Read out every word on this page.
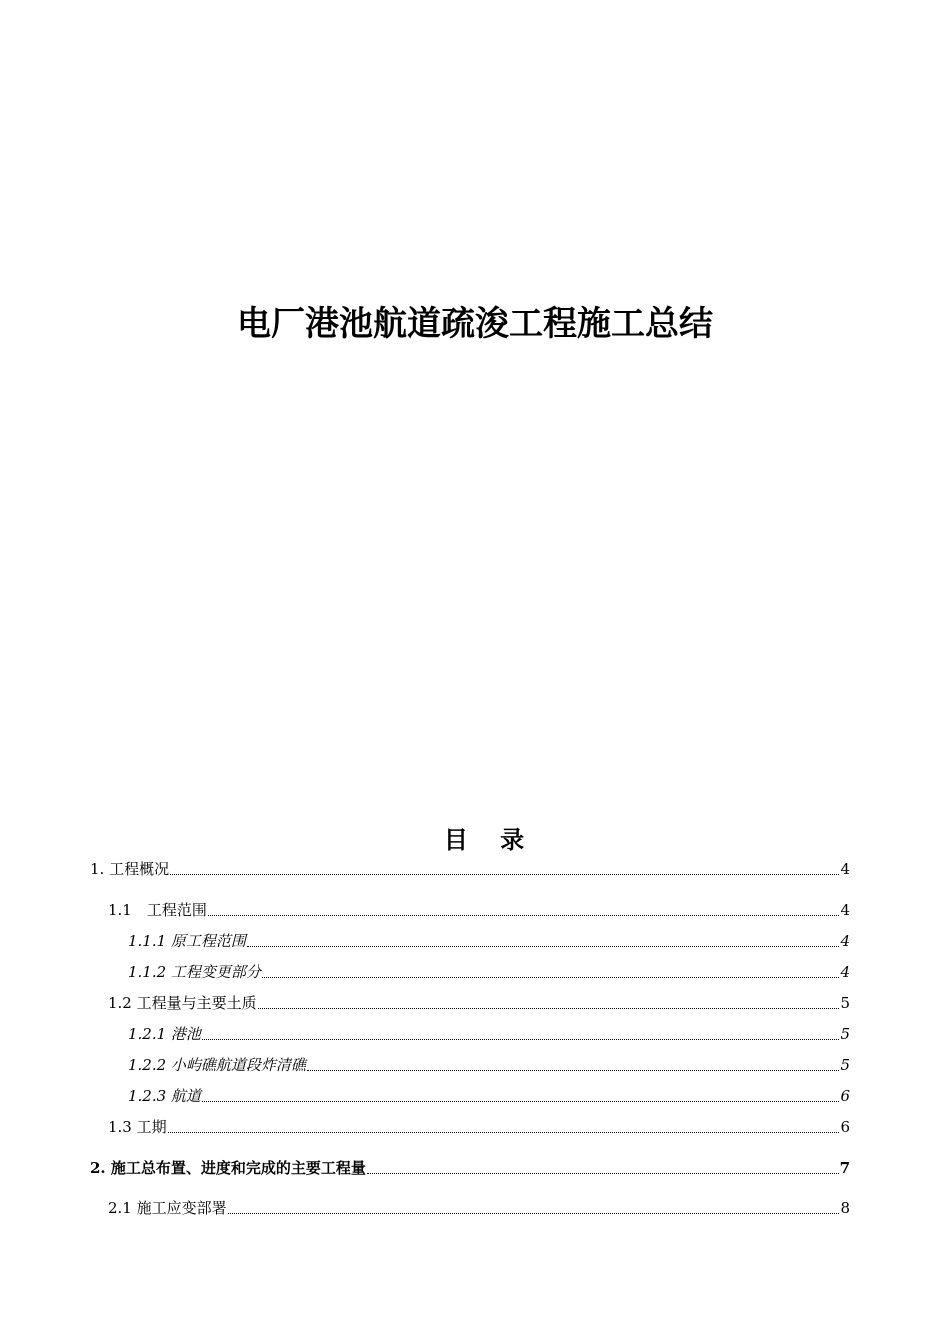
电厂港池航道疏浚工程施工总结
目 录
1. 工程概况	4
1.1　工程范围	4
1.1.1 原工程范围	4
1.1.2 工程变更部分	4
1.2 工程量与主要土质	5
1.2.1 港池	5
1.2.2 小屿礁航道段炸清礁	5
1.2.3 航道	6
1.3 工期	6
2. 施工总布置、进度和完成的主要工程量	7
2.1 施工应变部署	8
